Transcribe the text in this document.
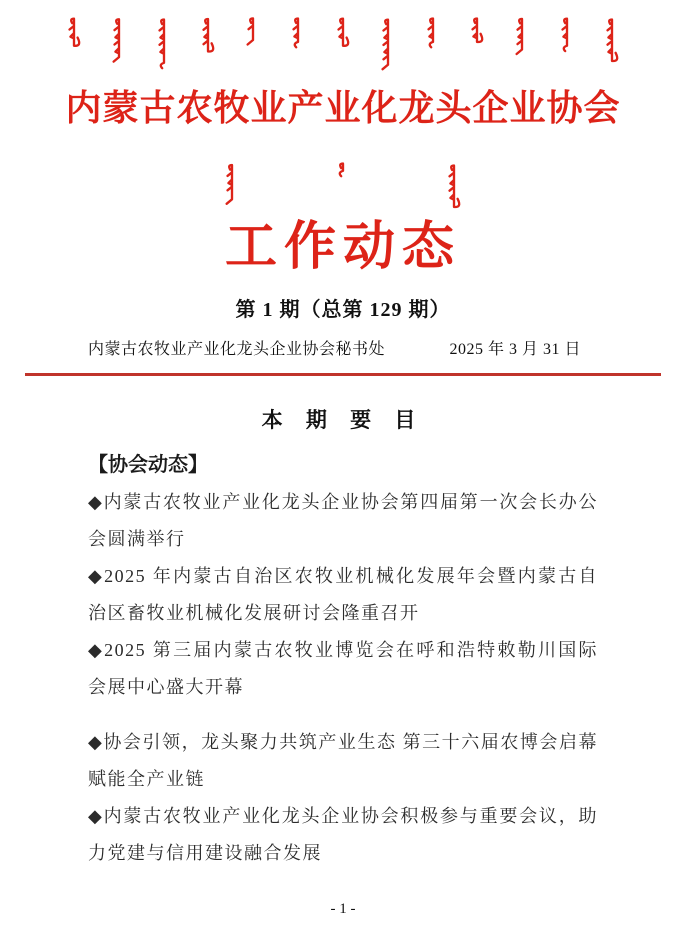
内蒙古农牧业产业化龙头企业协会
工作动态
第 1 期（总第 129 期）
内蒙古农牧业产业化龙头企业协会秘书处	2025 年 3 月 31 日
本 期 要 目
【协会动态】

◆内蒙古农牧业产业化龙头企业协会第四届第一次会长办公会圆满举行

◆2025 年内蒙古自治区农牧业机械化发展年会暨内蒙古自治区畜牧业机械化发展研讨会隆重召开

◆2025 第三届内蒙古农牧业博览会在呼和浩特敕勒川国际会展中心盛大开幕

◆协会引领，龙头聚力共筑产业生态 第三十六届农博会启幕赋能全产业链

◆内蒙古农牧业产业化龙头企业协会积极参与重要会议，助力党建与信用建设融合发展

- 1 -
